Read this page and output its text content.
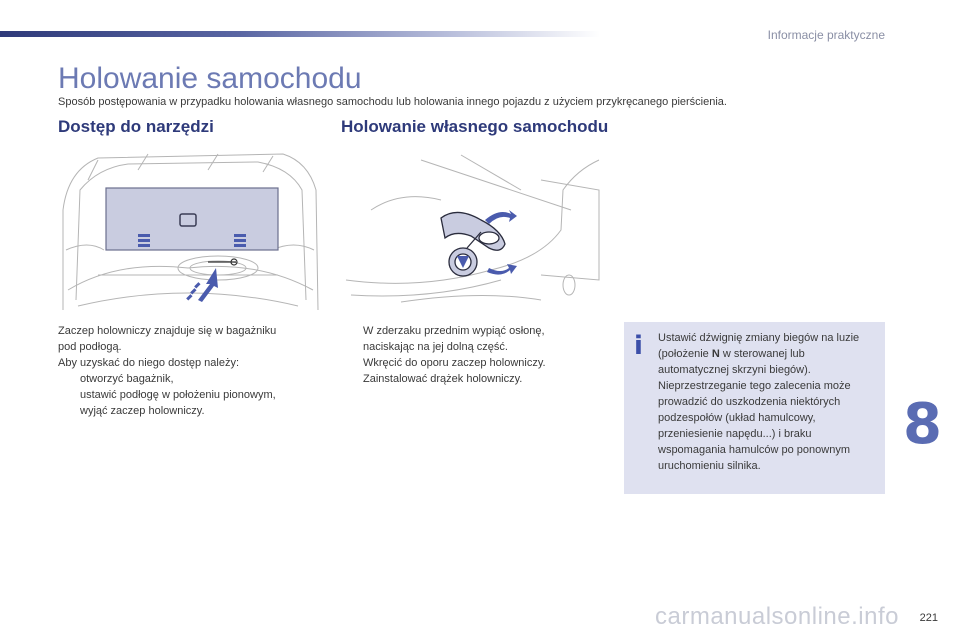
Informacje praktyczne
Holowanie samochodu
Sposób postępowania w przypadku holowania własnego samochodu lub holowania innego pojazdu z użyciem przykręcanego pierścienia.
Dostęp do narzędzi	Holowanie własnego samochodu
Zaczep holowniczy znajduje się w bagażniku
pod podłogą.
Aby uzyskać do niego dostęp należy:
otworzyć bagażnik,
ustawić podłogę w położeniu pionowym,
wyjąć zaczep holowniczy.
W zderzaku przednim wypiąć osłonę, naciskając na jej dolną część.
Wkręcić do oporu zaczep holowniczy.
Zainstalować drążek holowniczy.
i Ustawić dźwignię zmiany biegów na luzie (położenie N w sterowanej lub automatycznej skrzyni biegów). Nieprzestrzeganie tego zalecenia może prowadzić do uszkodzenia niektórych podzespołów (układ hamulcowy, przeniesienie napędu...) i braku wspomagania hamulców po ponownym uruchomieniu silnika.
8
carmanualsonline.info 221
